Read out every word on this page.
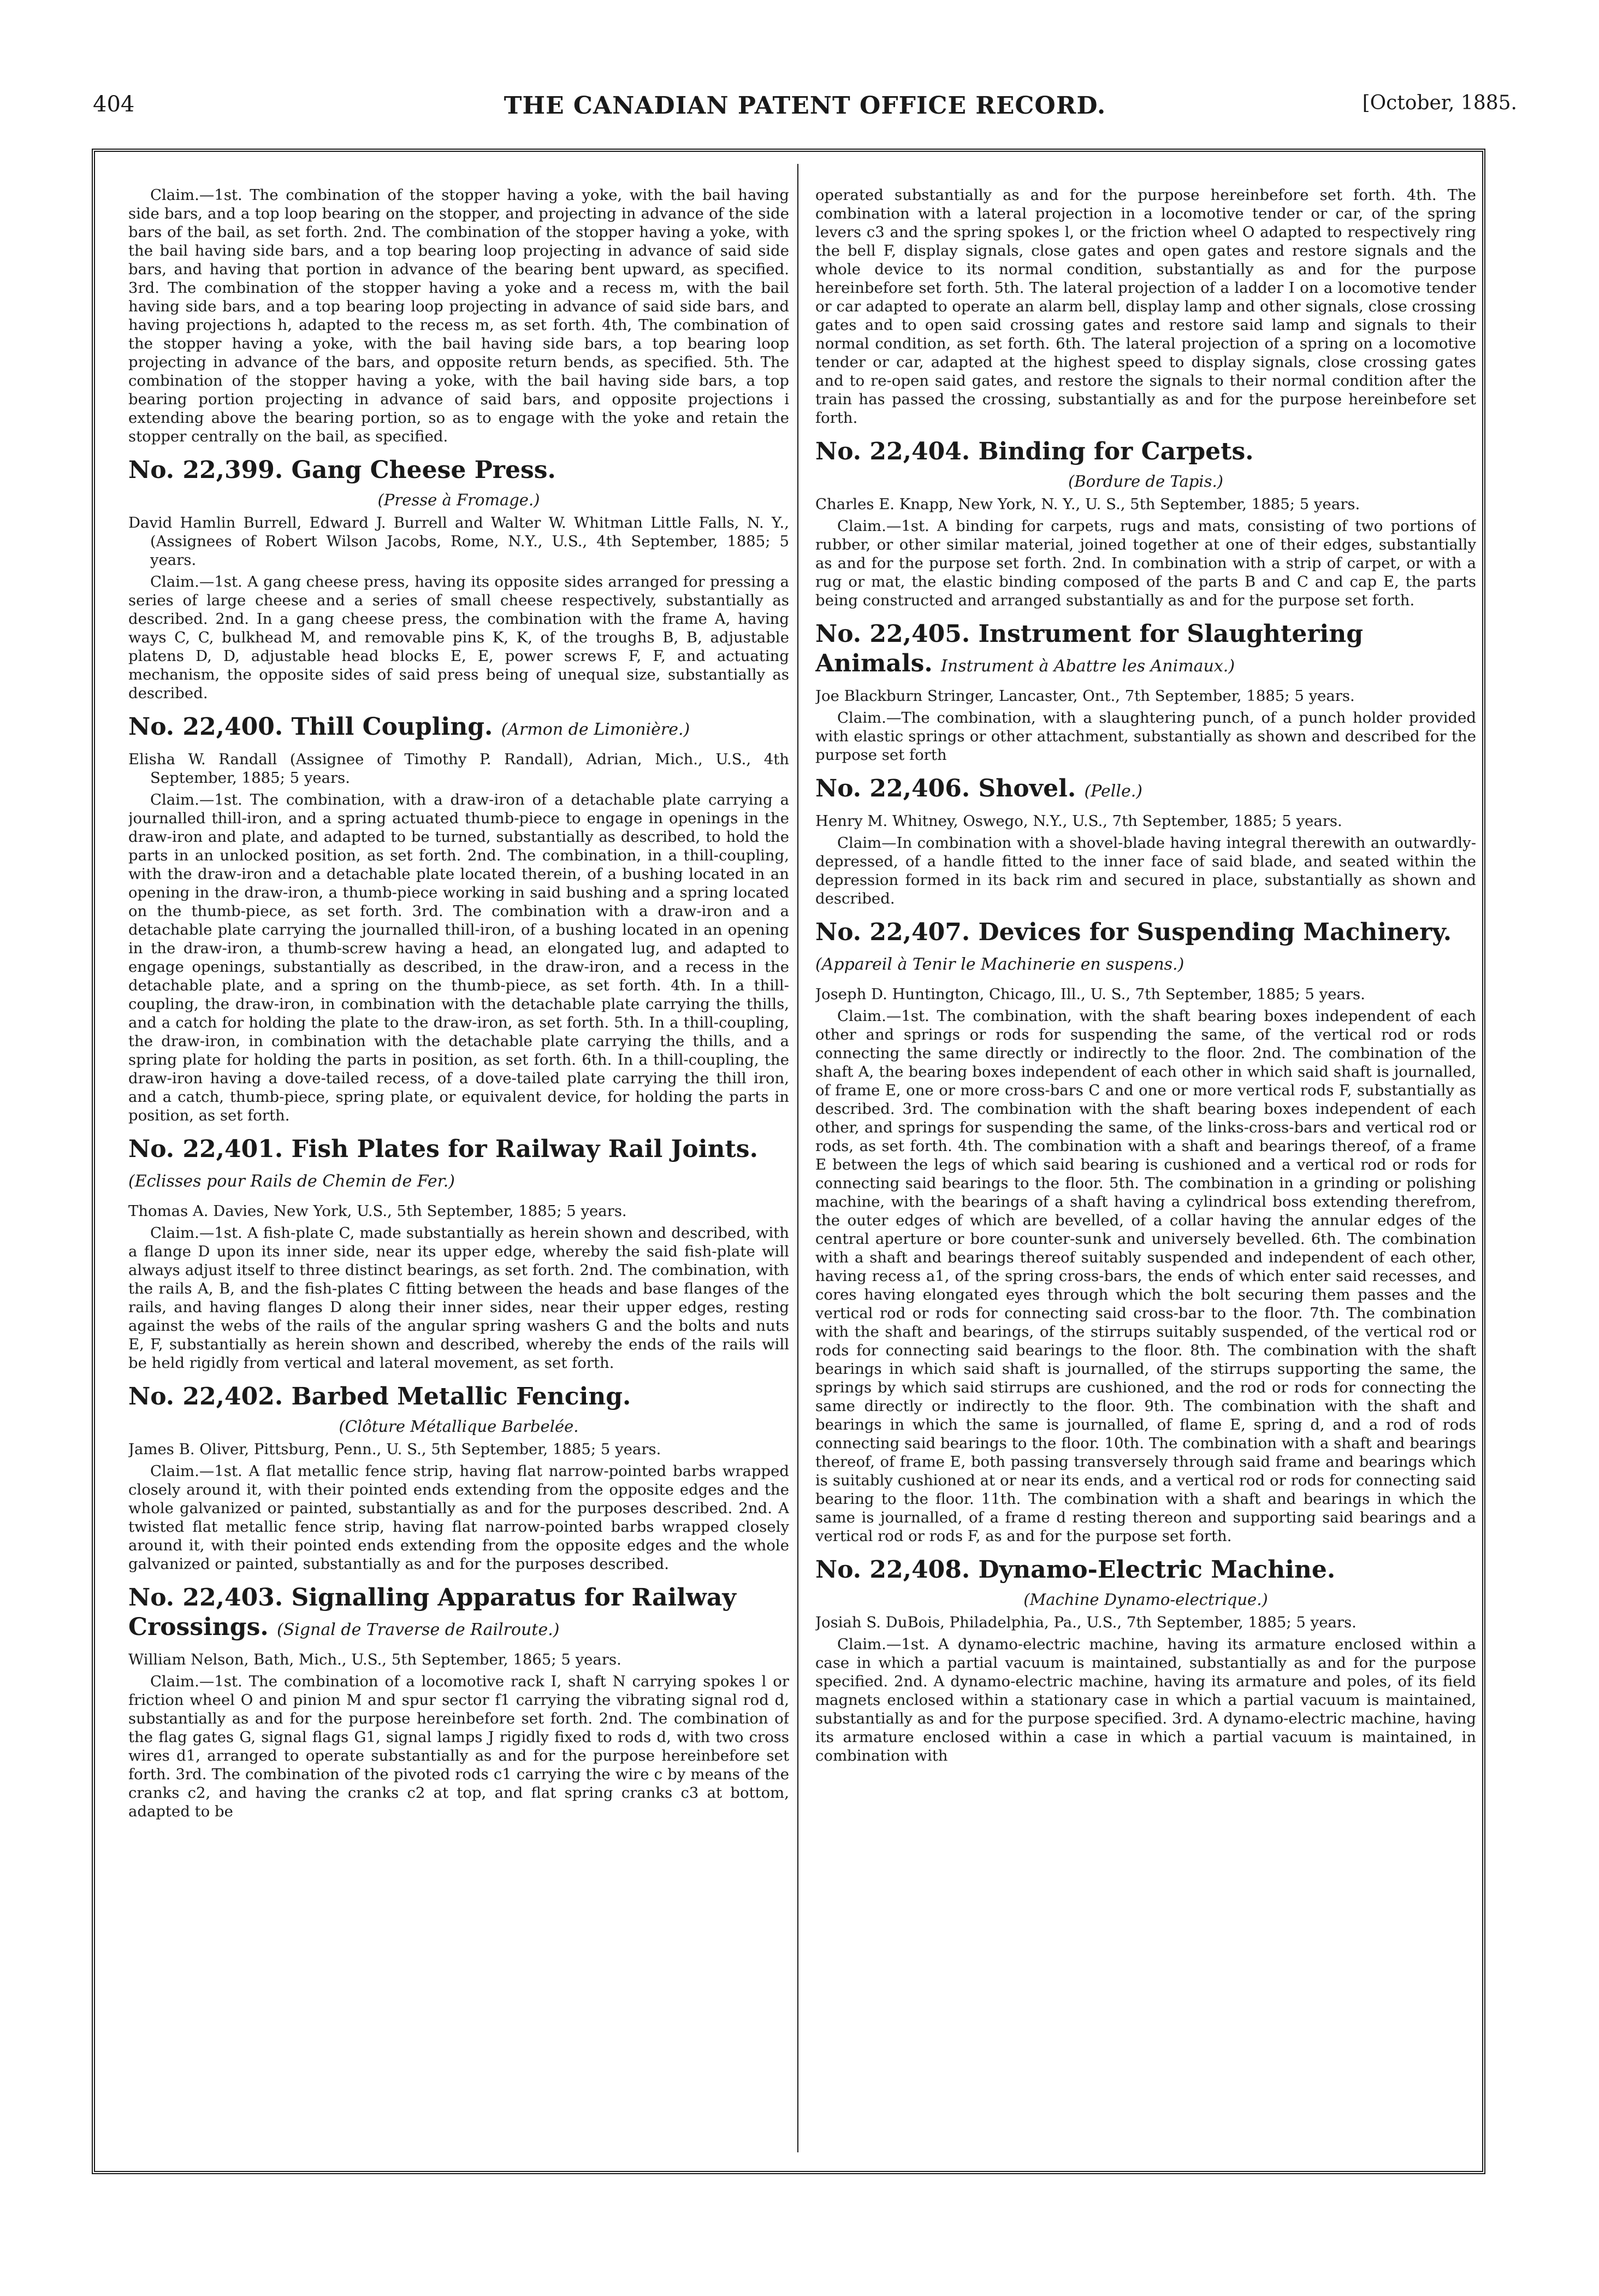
404	THE CANADIAN PATENT OFFICE RECORD.	[October, 1885.

Claim.—1st. The combination of the stopper having a yoke, with the bail having side bars, and a top loop bearing on the stopper, and projecting in advance of the side bars of the bail, as set forth. 2nd. The combination of the stopper having a yoke, with the bail having side bars, and a top bearing loop projecting in advance of said side bars, and having that portion in advance of the bearing bent upward, as specified. 3rd. The combination of the stopper having a yoke and a recess m, with the bail having side bars, and a top bearing loop projecting in advance of said side bars, and having projections h, adapted to the recess m, as set forth. 4th, The combination of the stopper having a yoke, with the bail having side bars, a top bearing loop projecting in advance of the bars, and opposite return bends, as specified. 5th. The combination of the stopper having a yoke, with the bail having side bars, a top bearing portion projecting in advance of said bars, and opposite projections i extending above the bearing portion, so as to engage with the yoke and retain the stopper centrally on the bail, as specified.

No. 22,399. Gang Cheese Press.

(Presse à Fromage.)

David Hamlin Burrell, Edward J. Burrell and Walter W. Whitman Little Falls, N. Y., (Assignees of Robert Wilson Jacobs, Rome, N.Y., U.S., 4th September, 1885; 5 years.

Claim.—1st. A gang cheese press, having its opposite sides arranged for pressing a series of large cheese and a series of small cheese respectively, substantially as described. 2nd. In a gang cheese press, the combination with the frame A, having ways C, C, bulkhead M, and removable pins K, K, of the troughs B, B, adjustable platens D, D, adjustable head blocks E, E, power screws F, F, and actuating mechanism, the opposite sides of said press being of unequal size, substantially as described.

No. 22,400. Thill Coupling. (Armon de Limonière.)

Elisha W. Randall (Assignee of Timothy P. Randall), Adrian, Mich., U.S., 4th September, 1885; 5 years.

Claim.—1st. The combination, with a draw-iron of a detachable plate carrying a journalled thill-iron, and a spring actuated thumb-piece to engage in openings in the draw-iron and plate, and adapted to be turned, substantially as described, to hold the parts in an unlocked position, as set forth. 2nd. The combination, in a thill-coupling, with the draw-iron and a detachable plate located therein, of a bushing located in an opening in the draw-iron, a thumb-piece working in said bushing and a spring located on the thumb-piece, as set forth. 3rd. The combination with a draw-iron and a detachable plate carrying the journalled thill-iron, of a bushing located in an opening in the draw-iron, a thumb-screw having a head, an elongated lug, and adapted to engage openings, substantially as described, in the draw-iron, and a recess in the detachable plate, and a spring on the thumb-piece, as set forth. 4th. In a thill-coupling, the draw-iron, in combination with the detachable plate carrying the thills, and a catch for holding the plate to the draw-iron, as set forth. 5th. In a thill-coupling, the draw-iron, in combination with the detachable plate carrying the thills, and a spring plate for holding the parts in position, as set forth. 6th. In a thill-coupling, the draw-iron having a dove-tailed recess, of a dove-tailed plate carrying the thill iron, and a catch, thumb-piece, spring plate, or equivalent device, for holding the parts in position, as set forth.

No. 22,401. Fish Plates for Railway Rail Joints. (Eclisses pour Rails de Chemin de Fer.)

Thomas A. Davies, New York, U.S., 5th September, 1885; 5 years.

Claim.—1st. A fish-plate C, made substantially as herein shown and described, with a flange D upon its inner side, near its upper edge, whereby the said fish-plate will always adjust itself to three distinct bearings, as set forth. 2nd. The combination, with the rails A, B, and the fish-plates C fitting between the heads and base flanges of the rails, and having flanges D along their inner sides, near their upper edges, resting against the webs of the rails of the angular spring washers G and the bolts and nuts E, F, substantially as herein shown and described, whereby the ends of the rails will be held rigidly from vertical and lateral movement, as set forth.

No. 22,402. Barbed Metallic Fencing.

(Clôture Métallique Barbelée.

James B. Oliver, Pittsburg, Penn., U. S., 5th September, 1885; 5 years.

Claim.—1st. A flat metallic fence strip, having flat narrow-pointed barbs wrapped closely around it, with their pointed ends extending from the opposite edges and the whole galvanized or painted, substantially as and for the purposes described. 2nd. A twisted flat metallic fence strip, having flat narrow-pointed barbs wrapped closely around it, with their pointed ends extending from the opposite edges and the whole galvanized or painted, substantially as and for the purposes described.

No. 22,403. Signalling Apparatus for Railway Crossings. (Signal de Traverse de Railroute.)

William Nelson, Bath, Mich., U.S., 5th September, 1865; 5 years.

Claim.—1st. The combination of a locomotive rack I, shaft N carrying spokes l or friction wheel O and pinion M and spur sector f1 carrying the vibrating signal rod d, substantially as and for the purpose hereinbefore set forth. 2nd. The combination of the flag gates G, signal flags G1, signal lamps J rigidly fixed to rods d, with two cross wires d1, arranged to operate substantially as and for the purpose hereinbefore set forth. 3rd. The combination of the pivoted rods c1 carrying the wire c by means of the cranks c2, and having the cranks c2 at top, and flat spring cranks c3 at bottom, adapted to be

operated substantially as and for the purpose hereinbefore set forth. 4th. The combination with a lateral projection in a locomotive tender or car, of the spring levers c3 and the spring spokes l, or the friction wheel O adapted to respectively ring the bell F, display signals, close gates and open gates and restore signals and the whole device to its normal condition, substantially as and for the purpose hereinbefore set forth. 5th. The lateral projection of a ladder I on a locomotive tender or car adapted to operate an alarm bell, display lamp and other signals, close crossing gates and to open said crossing gates and restore said lamp and signals to their normal condition, as set forth. 6th. The lateral projection of a spring on a locomotive tender or car, adapted at the highest speed to display signals, close crossing gates and to re-open said gates, and restore the signals to their normal condition after the train has passed the crossing, substantially as and for the purpose hereinbefore set forth.

No. 22,404. Binding for Carpets.

(Bordure de Tapis.)

Charles E. Knapp, New York, N. Y., U. S., 5th September, 1885; 5 years.

Claim.—1st. A binding for carpets, rugs and mats, consisting of two portions of rubber, or other similar material, joined together at one of their edges, substantially as and for the purpose set forth. 2nd. In combination with a strip of carpet, or with a rug or mat, the elastic binding composed of the parts B and C and cap E, the parts being constructed and arranged substantially as and for the purpose set forth.

No. 22,405. Instrument for Slaughtering Animals. Instrument à Abattre les Animaux.)

Joe Blackburn Stringer, Lancaster, Ont., 7th September, 1885; 5 years.

Claim.—The combination, with a slaughtering punch, of a punch holder provided with elastic springs or other attachment, substantially as shown and described for the purpose set forth

No. 22,406. Shovel. (Pelle.)

Henry M. Whitney, Oswego, N.Y., U.S., 7th September, 1885; 5 years.

Claim—In combination with a shovel-blade having integral therewith an outwardly-depressed, of a handle fitted to the inner face of said blade, and seated within the depression formed in its back rim and secured in place, substantially as shown and described.

No. 22,407. Devices for Suspending Machinery. (Appareil à Tenir le Machinerie en suspens.)

Joseph D. Huntington, Chicago, Ill., U. S., 7th September, 1885; 5 years.

Claim.—1st. The combination, with the shaft bearing boxes independent of each other and springs or rods for suspending the same, of the vertical rod or rods connecting the same directly or indirectly to the floor. 2nd. The combination of the shaft A, the bearing boxes independent of each other in which said shaft is journalled, of frame E, one or more cross-bars C and one or more vertical rods F, substantially as described. 3rd. The combination with the shaft bearing boxes independent of each other, and springs for suspending the same, of the links-cross-bars and vertical rod or rods, as set forth. 4th. The combination with a shaft and bearings thereof, of a frame E between the legs of which said bearing is cushioned and a vertical rod or rods for connecting said bearings to the floor. 5th. The combination in a grinding or polishing machine, with the bearings of a shaft having a cylindrical boss extending therefrom, the outer edges of which are bevelled, of a collar having the annular edges of the central aperture or bore counter-sunk and universely bevelled. 6th. The combination with a shaft and bearings thereof suitably suspended and independent of each other, having recess a1, of the spring cross-bars, the ends of which enter said recesses, and cores having elongated eyes through which the bolt securing them passes and the vertical rod or rods for connecting said cross-bar to the floor. 7th. The combination with the shaft and bearings, of the stirrups suitably suspended, of the vertical rod or rods for connecting said bearings to the floor. 8th. The combination with the shaft bearings in which said shaft is journalled, of the stirrups supporting the same, the springs by which said stirrups are cushioned, and the rod or rods for connecting the same directly or indirectly to the floor. 9th. The combination with the shaft and bearings in which the same is journalled, of flame E, spring d, and a rod of rods connecting said bearings to the floor. 10th. The combination with a shaft and bearings thereof, of frame E, both passing transversely through said frame and bearings which is suitably cushioned at or near its ends, and a vertical rod or rods for connecting said bearing to the floor. 11th. The combination with a shaft and bearings in which the same is journalled, of a frame d resting thereon and supporting said bearings and a vertical rod or rods F, as and for the purpose set forth.

No. 22,408. Dynamo-Electric Machine.

(Machine Dynamo-electrique.)

Josiah S. DuBois, Philadelphia, Pa., U.S., 7th September, 1885; 5 years.

Claim.—1st. A dynamo-electric machine, having its armature enclosed within a case in which a partial vacuum is maintained, substantially as and for the purpose specified. 2nd. A dynamo-electric machine, having its armature and poles, of its field magnets enclosed within a stationary case in which a partial vacuum is maintained, substantially as and for the purpose specified. 3rd. A dynamo-electric machine, having its armature enclosed within a case in which a partial vacuum is maintained, in combination with
